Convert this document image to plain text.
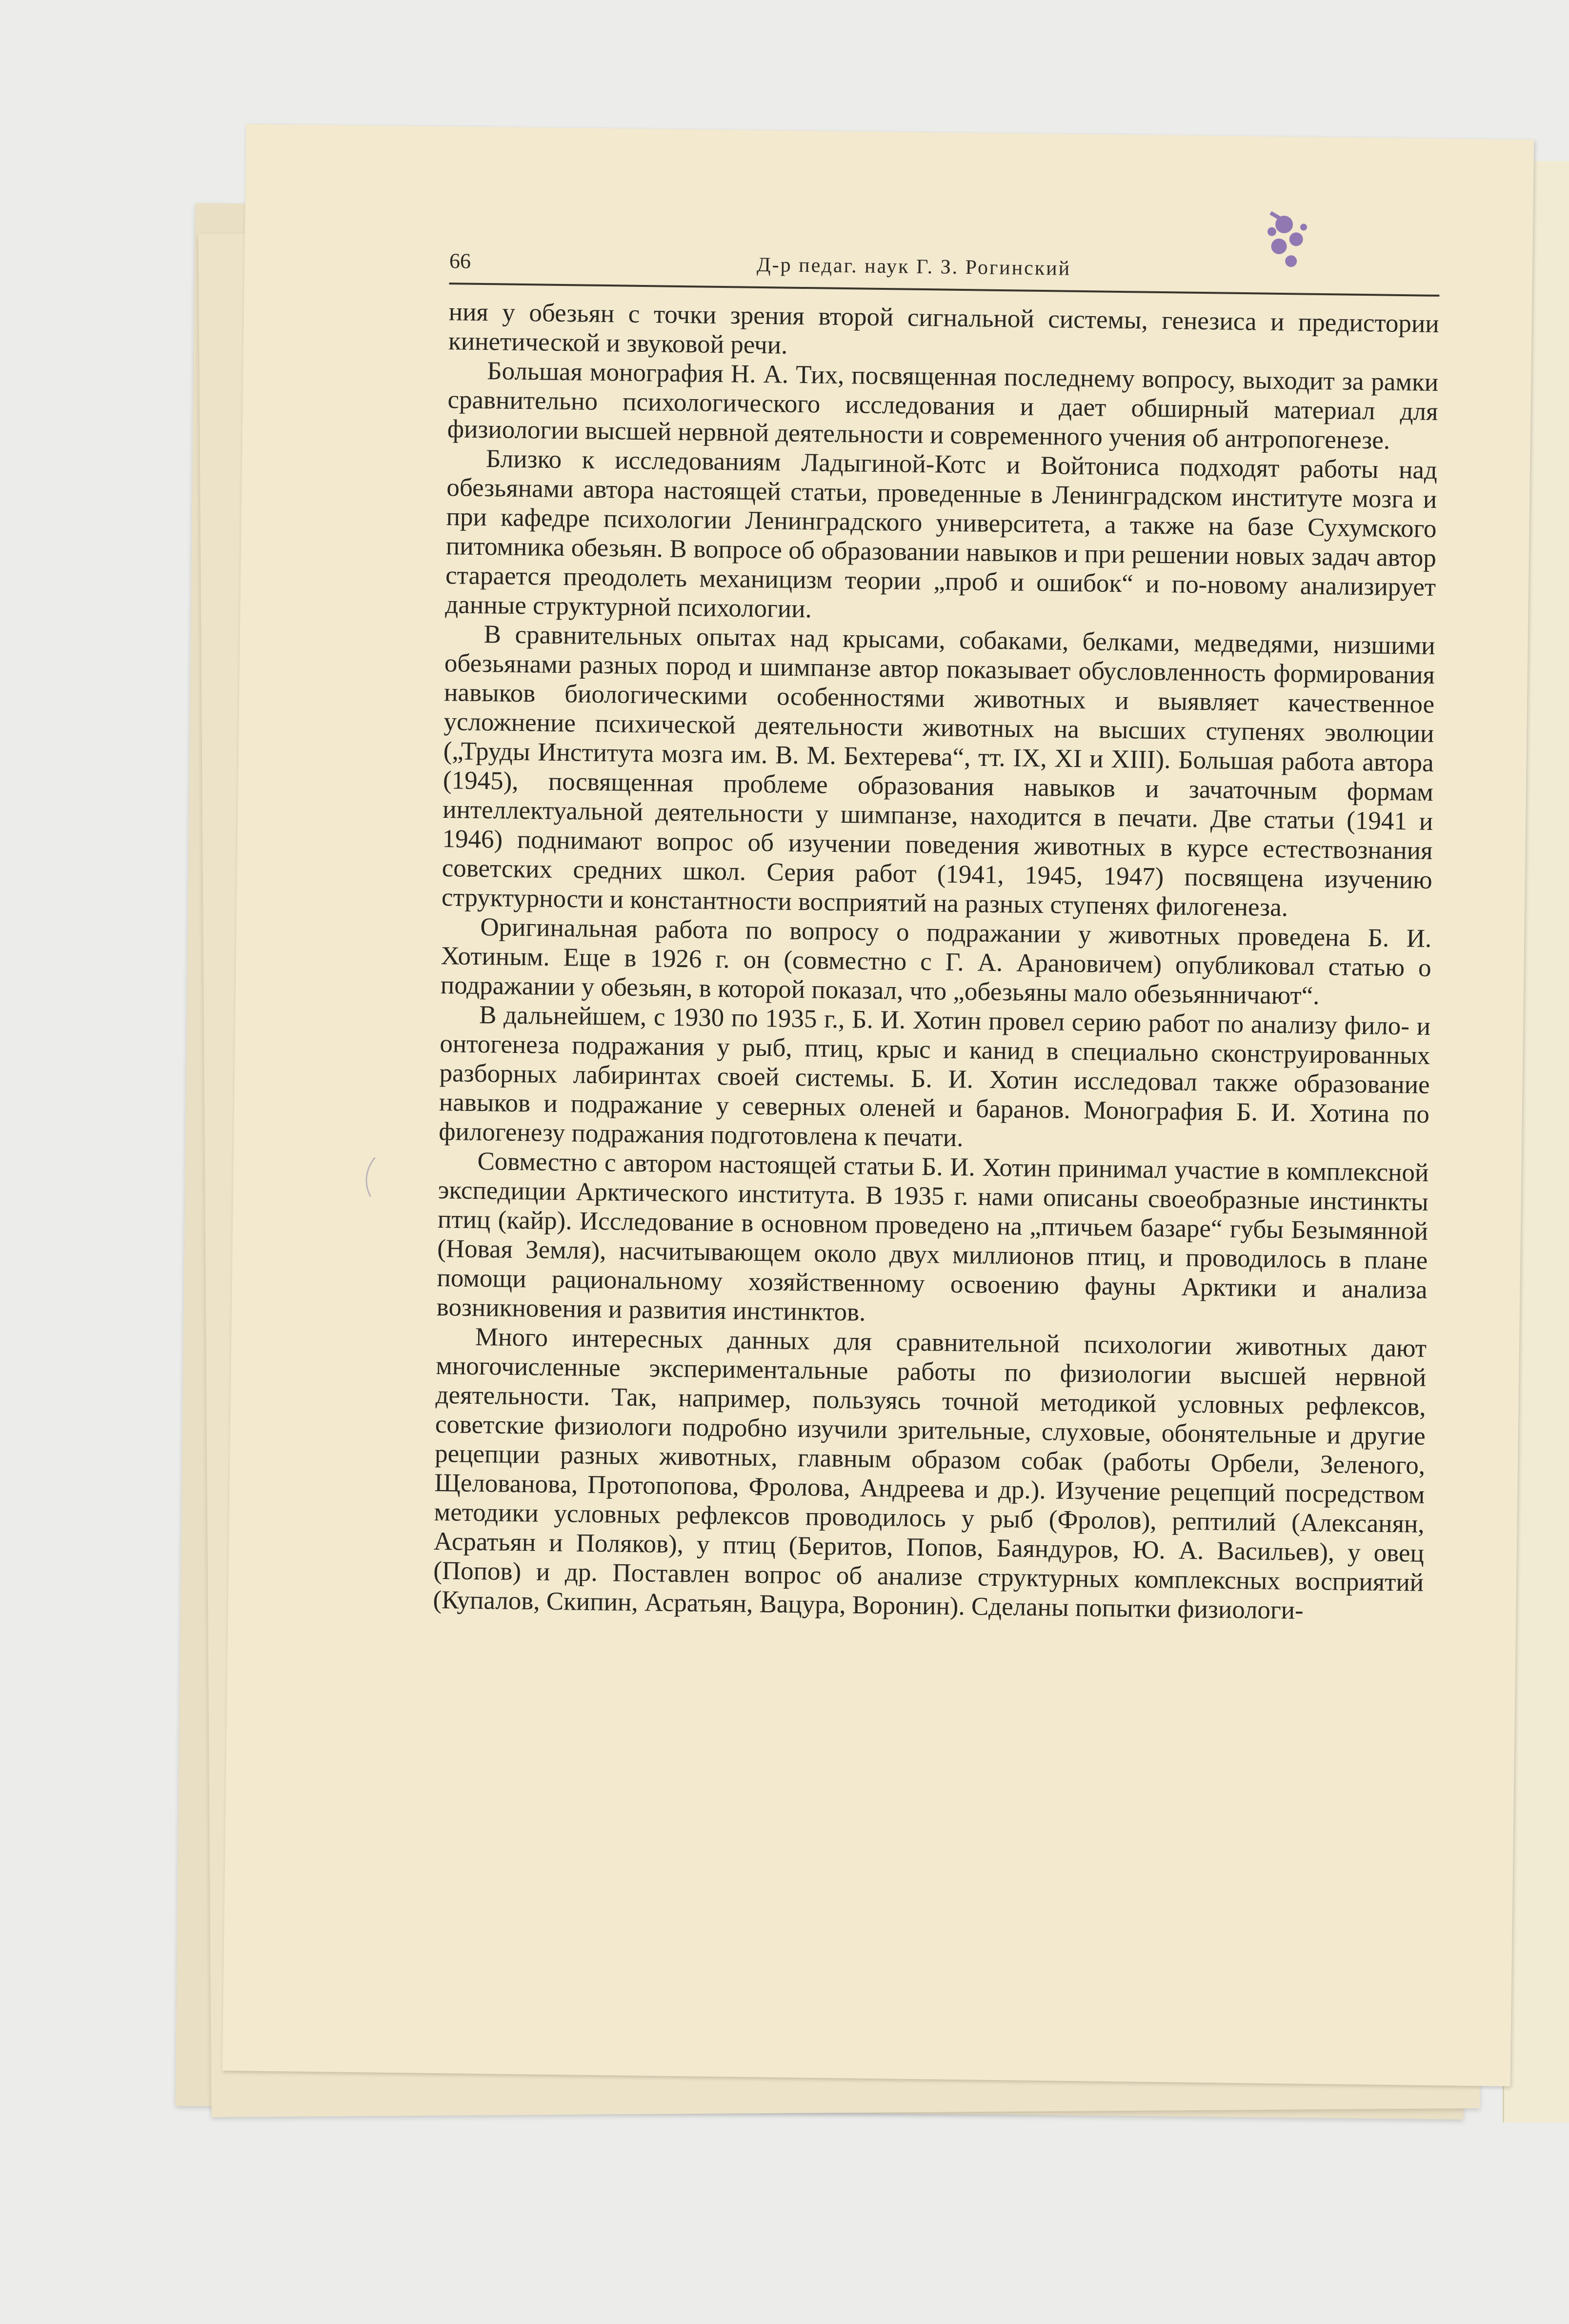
66	Д-р педаг. наук Г. З. Рогинский

ния у обезьян с точки зрения второй сигнальной системы, генезиса и предистории кинетической и звуковой речи.

Большая монография Н. А. Тих, посвященная последнему вопросу, выходит за рамки сравнительно психологического исследования и дает обширный материал для физиологии высшей нервной деятельности и современного учения об антропогенезе.

Близко к исследованиям Ладыгиной-Котс и Войтониса подходят работы над обезьянами автора настоящей статьи, проведенные в Ленинградском институте мозга и при кафедре психологии Ленинградского университета, а также на базе Сухумского питомника обезьян. В вопросе об образовании навыков и при решении новых задач автор старается преодолеть механицизм теории „проб и ошибок“ и по-новому анализирует данные структурной психологии.

В сравнительных опытах над крысами, собаками, белками, медведями, низшими обезьянами разных пород и шимпанзе автор показывает обусловленность формирования навыков биологическими особенностями животных и выявляет качественное усложнение психической деятельности животных на высших ступенях эволюции („Труды Института мозга им. В. М. Бехтерева“, тт. IX, XI и XIII). Большая работа автора (1945), посвященная проблеме образования навыков и зачаточным формам интеллектуальной деятельности у шимпанзе, находится в печати. Две статьи (1941 и 1946) поднимают вопрос об изучении поведения животных в курсе естествознания советских средних школ. Серия работ (1941, 1945, 1947) посвящена изучению структурности и константности восприятий на разных ступенях филогенеза.

Оригинальная работа по вопросу о подражании у животных проведена Б. И. Хотиным. Еще в 1926 г. он (совместно с Г. А. Арановичем) опубликовал статью о подражании у обезьян, в которой показал, что „обезьяны мало обезьянничают“.

В дальнейшем, с 1930 по 1935 г., Б. И. Хотин провел серию работ по анализу фило- и онтогенеза подражания у рыб, птиц, крыс и канид в специально сконструированных разборных лабиринтах своей системы. Б. И. Хотин исследовал также образование навыков и подражание у северных оленей и баранов. Монография Б. И. Хотина по филогенезу подражания подготовлена к печати.

Совместно с автором настоящей статьи Б. И. Хотин принимал участие в комплексной экспедиции Арктического института. В 1935 г. нами описаны своеобразные инстинкты птиц (кайр). Исследование в основном проведено на „птичьем базаре“ губы Безымянной (Новая Земля), насчитывающем около двух миллионов птиц, и проводилось в плане помощи рациональному хозяйственному освоению фауны Арктики и анализа возникновения и развития инстинктов.

Много интересных данных для сравнительной психологии животных дают многочисленные экспериментальные работы по физиологии высшей нервной деятельности. Так, например, пользуясь точной методикой условных рефлексов, советские физиологи подробно изучили зрительные, слуховые, обонятельные и другие рецепции разных животных, главным образом собак (работы Орбели, Зеленого, Щелованова, Протопопова, Фролова, Андреева и др.). Изучение рецепций посредством методики условных рефлексов проводилось у рыб (Фролов), рептилий (Алексанян, Асратьян и Поляков), у птиц (Беритов, Попов, Баяндуров, Ю. А. Васильев), у овец (Попов) и др. Поставлен вопрос об анализе структурных комплексных восприятий (Купалов, Скипин, Асратьян, Вацура, Воронин). Сделаны попытки физиологи-
